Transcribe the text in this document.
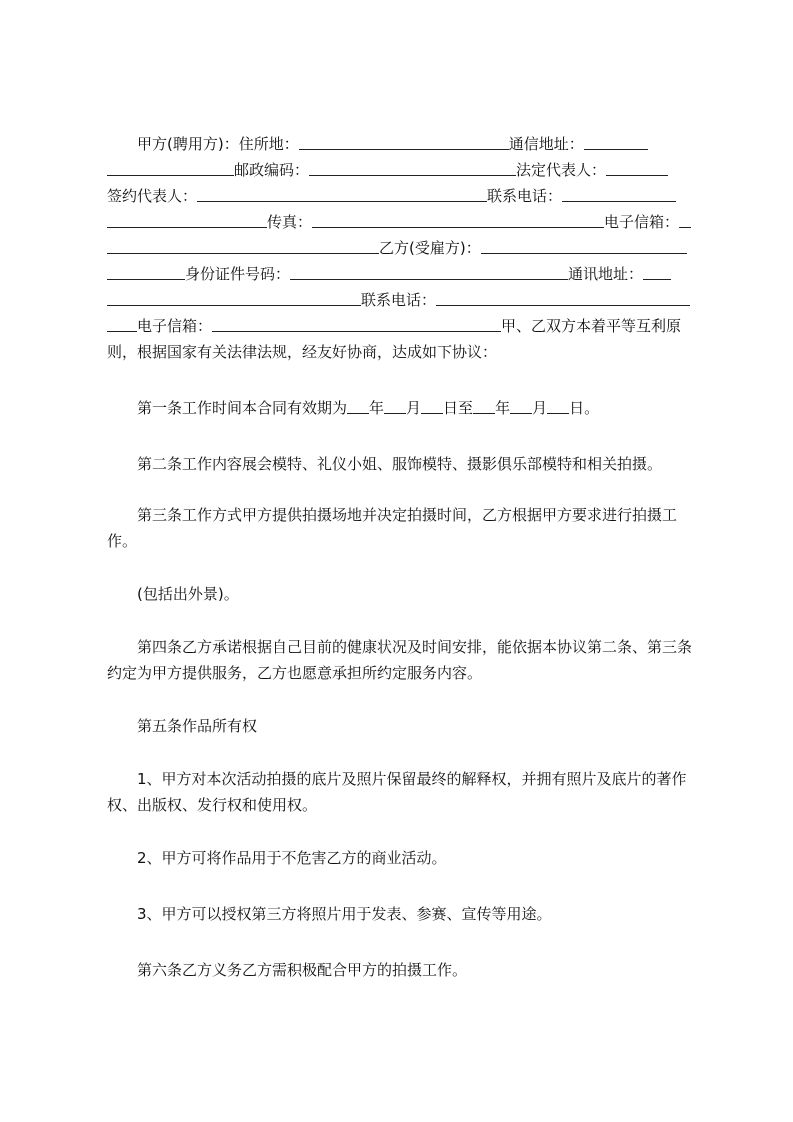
甲方(聘用方)： 住所地：	通信地址：
邮政编码：	法定代表人：
签约代表人：	联系电话：
传真：	电子信箱：
乙方(受雇方)：
身份证件号码：	通讯地址：
联系电话：
电子信箱：	甲、乙双方本着平等互利原
则，根据国家有关法律法规，经友好协商，达成如下协议：
第一条工作时间本合同有效期为 年 月 日至 年 月 日。
第二条工作内容展会模特、礼仪小姐、服饰模特、摄影俱乐部模特和相关拍摄。
第三条工作方式甲方提供拍摄场地并决定拍摄时间，乙方根据甲方要求进行拍摄工作。
(包括出外景)。
第四条乙方承诺根据自己目前的健康状况及时间安排，能依据本协议第二条、第三条约定为甲方提供服务，乙方也愿意承担所约定服务内容。
第五条作品所有权
1、甲方对本次活动拍摄的底片及照片保留最终的解释权，并拥有照片及底片的著作权、出版权、发行权和使用权。
2、甲方可将作品用于不危害乙方的商业活动。
3、甲方可以授权第三方将照片用于发表、参赛、宣传等用途。
第六条乙方义务乙方需积极配合甲方的拍摄工作。
